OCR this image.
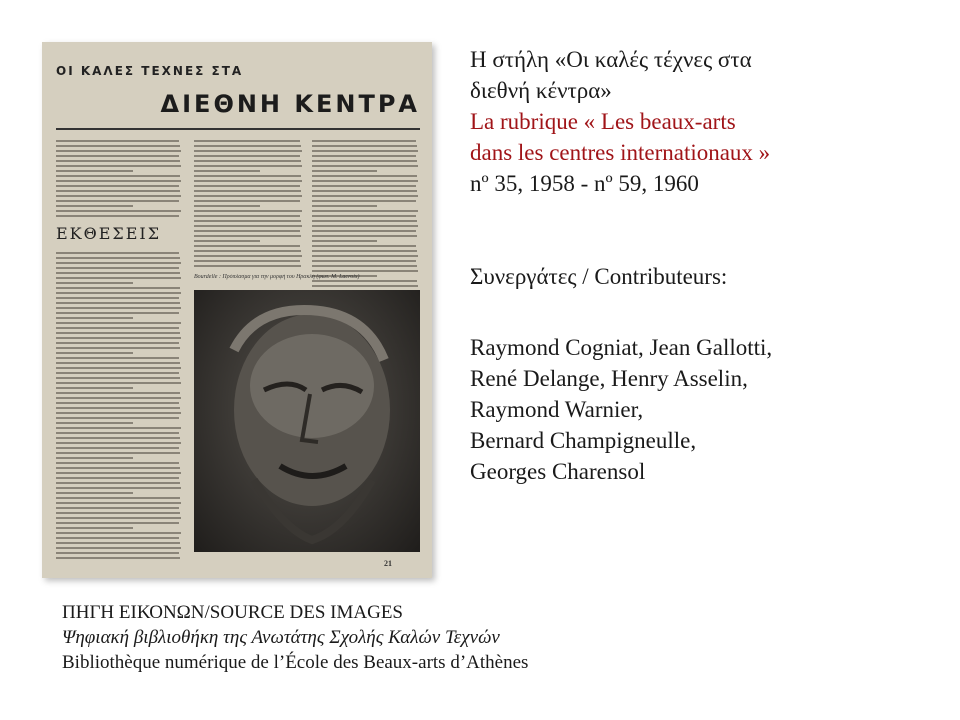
ΟΙ ΚΑΛΕΣ ΤΕΧΝΕΣ ΣΤΑ
ΔΙΕΘΝΗ ΚΕΝΤΡΑ
ΕΚΘΕΣΕΙΣ
Bourdelle : Πρόπλασμα για την μορφή του Ηρακλή (φωτ. M. Lacroix)
21

Η στήλη «Οι καλές τέχνες στα

διεθνή κέντρα»

La rubrique « Les beaux-arts

dans les centres internationaux »

nº 35, 1958 - nº 59, 1960

Συνεργάτες / Contributeurs:

Raymond Cogniat, Jean Gallotti,

René Delange, Henry Asselin,

Raymond Warnier,

Bernard Champigneulle,

Georges Charensol

ΠΗΓΗ ΕΙΚΟΝΩΝ/SOURCE DES IMAGES

Ψηφιακή βιβλιοθήκη της Ανωτάτης Σχολής Καλών Τεχνών

Bibliothèque numérique de l’École des Beaux-arts d’Athènes
